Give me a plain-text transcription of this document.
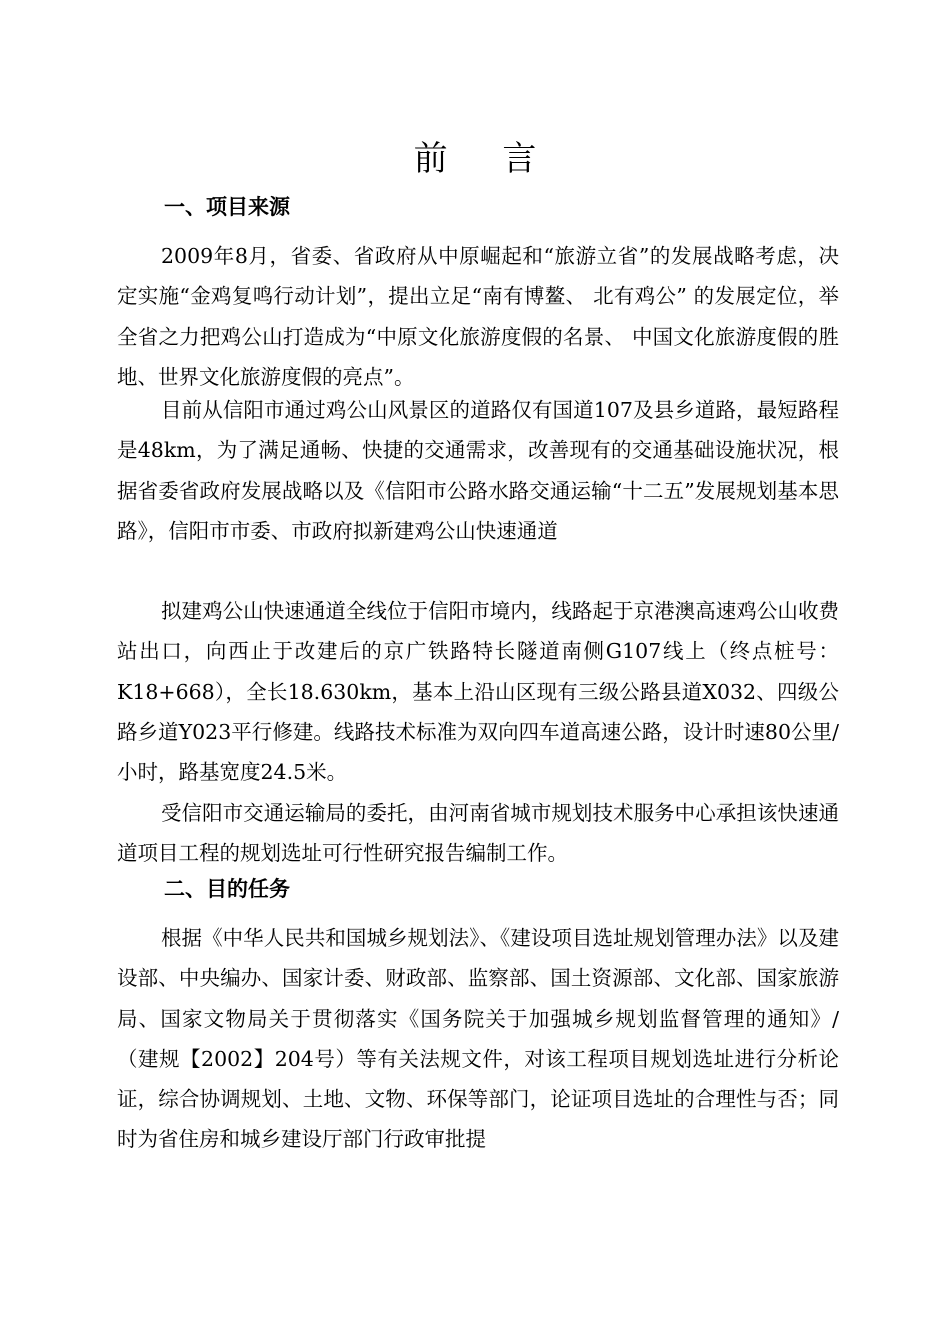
前 言
一、项目来源

2009年8月，省委、省政府从中原崛起和“旅游立省”的发展战略考虑，决定实施“金鸡复鸣行动计划”，提出立足“南有博鳌、 北有鸡公” 的发展定位，举全省之力把鸡公山打造成为“中原文化旅游度假的名景、 中国文化旅游度假的胜地、世界文化旅游度假的亮点”。

目前从信阳市通过鸡公山风景区的道路仅有国道107及县乡道路，最短路程是48km，为了满足通畅、快捷的交通需求，改善现有的交通基础设施状况，根据省委省政府发展战略以及《信阳市公路水路交通运输“十二五”发展规划基本思路》，信阳市市委、市政府拟新建鸡公山快速通道

拟建鸡公山快速通道全线位于信阳市境内，线路起于京港澳高速鸡公山收费站出口，向西止于改建后的京广铁路特长隧道南侧G107线上（终点桩号：K18+668），全长18.630km，基本上沿山区现有三级公路县道X032、四级公路乡道Y023平行修建。线路技术标准为双向四车道高速公路，设计时速80公里/小时，路基宽度24.5米。

受信阳市交通运输局的委托，由河南省城市规划技术服务中心承担该快速通道项目工程的规划选址可行性研究报告编制工作。

二、目的任务

根据《中华人民共和国城乡规划法》、《建设项目选址规划管理办法》以及建设部、中央编办、国家计委、财政部、监察部、国土资源部、文化部、国家旅游局、国家文物局关于贯彻落实《国务院关于加强城乡规划监督管理的通知》/（建规【2002】204号）等有关法规文件，对该工程项目规划选址进行分析论证，综合协调规划、土地、文物、环保等部门，论证项目选址的合理性与否；同时为省住房和城乡建设厅部门行政审批提
